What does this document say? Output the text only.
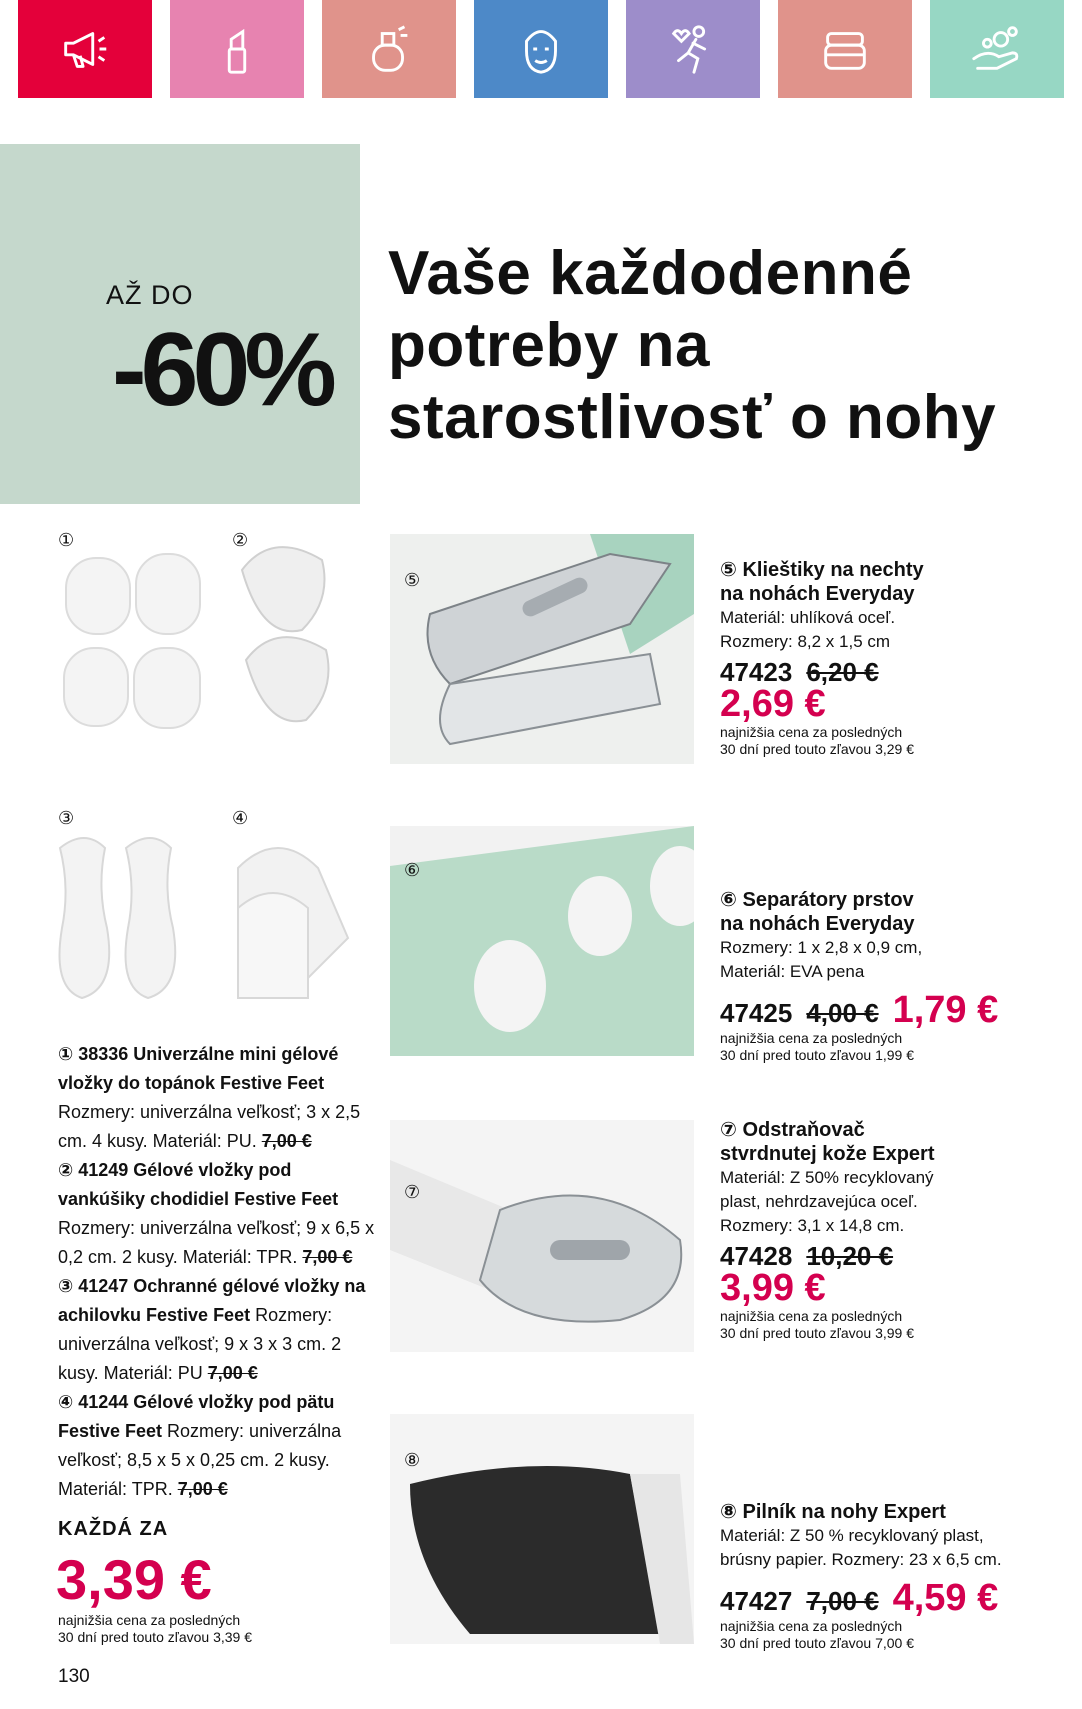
AŽ DO
-60%
Vaše každodenné
potreby na
starostlivosť o nohy
①	②
③	④
① 38336 Univerzálne mini gélové vložky do topánok Festive Feet Rozmery: univerzálna veľkosť; 3 x 2,5 cm. 4 kusy. Materiál: PU. 7,00 €
② 41249 Gélové vložky pod vankúšiky chodidiel Festive Feet Rozmery: univerzálna veľkosť; 9 x 6,5 x 0,2 cm. 2 kusy. Materiál: TPR. 7,00 €
③ 41247 Ochranné gélové vložky na achilovku Festive Feet Rozmery: univerzálna veľkosť; 9 x 3 x 3 cm. 2 kusy. Materiál: PU 7,00 €
④ 41244 Gélové vložky pod pätu Festive Feet Rozmery: univerzálna veľkosť; 8,5 x 5 x 0,25 cm. 2 kusy. Materiál: TPR. 7,00 €
KAŽDÁ ZA
3,39 €
najnižšia cena za posledných
30 dní pred touto zľavou 3,39 €
⑤	⑤ Klieštiky na nechty
na nohách Everyday
Materiál: uhlíková oceľ.
Rozmery: 8,2 x 1,5 cm
47423 6,20 €
2,69 €
najnižšia cena za posledných
30 dní pred touto zľavou 3,29 €
⑥
⑥ Separátory prstov
na nohách Everyday
Rozmery: 1 x 2,8 x 0,9 cm,
Materiál: EVA pena
47425 4,00 € 1,79 €
najnižšia cena za posledných
30 dní pred touto zľavou 1,99 €
⑦
⑦ Odstraňovač
stvrdnutej kože Expert
Materiál: Z 50% recyklovaný
plast, nehrdzavejúca oceľ.
Rozmery: 3,1 x 14,8 cm.
47428 10,20 €
3,99 €
najnižšia cena za posledných
30 dní pred touto zľavou 3,99 €
⑧
⑧ Pilník na nohy Expert
Materiál: Z 50 % recyklovaný plast,
brúsny papier. Rozmery: 23 x 6,5 cm.
47427 7,00 € 4,59 €
najnižšia cena za posledných
30 dní pred touto zľavou 7,00 €
130
